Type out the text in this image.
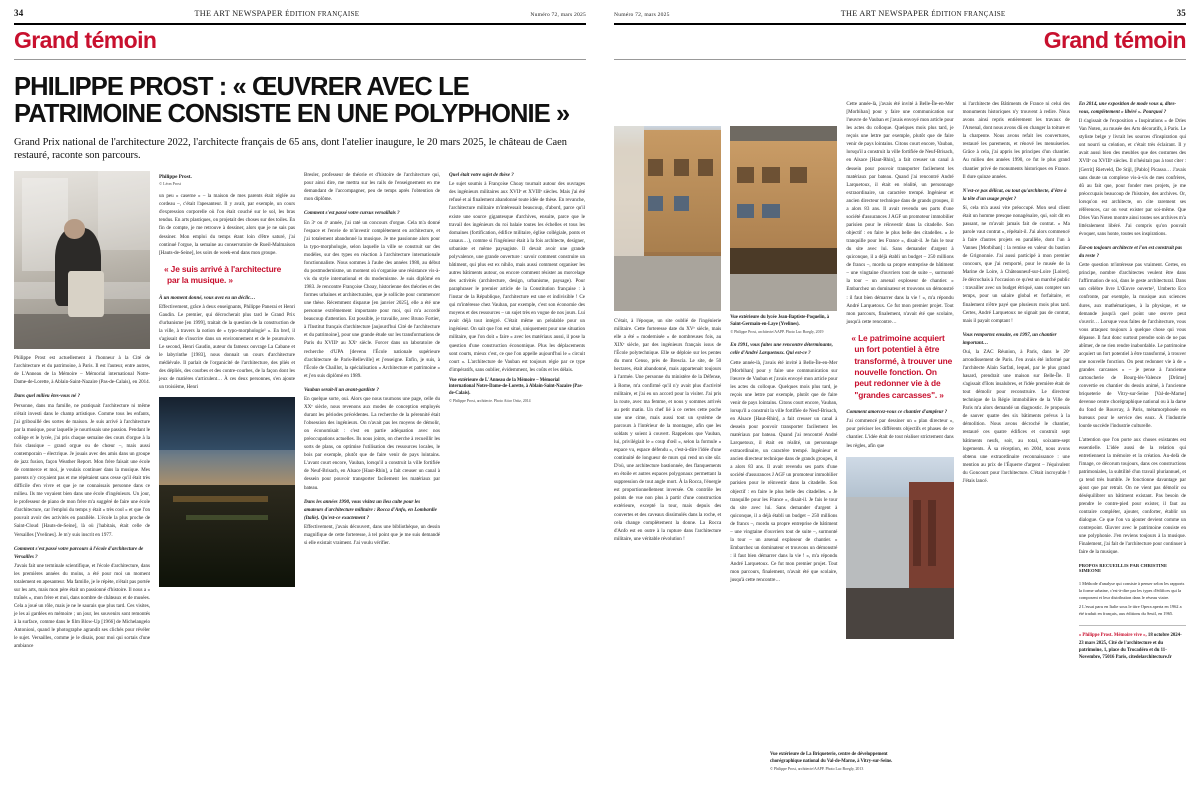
34	THE ART NEWSPAPER ÉDITION FRANÇAISE	Numéro 72, mars 2025
Grand témoin
PHILIPPE PROST : « ŒUVRER AVEC LE PATRIMOINE CONSISTE EN UNE POLYPHONIE »
Grand Prix national de l'architecture 2022, l'architecte français de 65 ans, dont l'atelier inaugure, le 20 mars 2025, le château de Caen restauré, raconte son parcours.

Philippe Prost est actuellement à l'honneur à la Cité de l'architecture et du patrimoine, à Paris. Il est l'auteur, entre autres, de L'Anneau de la Mémoire – Mémorial international Notre-Dame-de-Lorette, à Ablain-Saint-Nazaire (Pas-de-Calais), en 2014.

Dans quel milieu êtes-vous né ?

Personne, dans ma famille, ne pratiquait l'architecture ni même n'était investi dans le champ artistique. Comme tous les enfants, j'ai gribouillé des sortes de maison. Je suis arrivé à l'architecture par la musique, pour laquelle je nourrissais une passion. Pendant le collège et le lycée, j'ai pris chaque semaine des cours d'orgue à la fois classique – grand orgue ou de chœur –, mais aussi contemporain – électrique. Je jouais avec des amis dans un groupe de jazz fusion, façon Weather Report. Mon frère faisait une école de commerce et moi, je voulais continuer dans la musique. Mes parents n'y croyaient pas et me répétaient sans cesse qu'il était très difficile d'en vivre et que je ne connaissais personne dans ce milieu. Ils me voyaient bien dans une école d'ingénieurs. Un jour, le professeur de piano de mon frère m'a suggéré de faire une école d'architecture, car l'emploi du temps y était « très cool » et que l'on pouvait avoir des activités en parallèle. L'école la plus proche de Saint-Cloud [Hauts-de-Seine], là où j'habitais, était celle de Versailles [Yvelines]. Je m'y suis inscrit en 1977.

Comment s'est passé votre parcours à l'école d'architecture de Versailles ?

J'avais fait une terminale scientifique, et l'école d'architecture, dans les premières années du moins, a été pour moi un moment totalement en apesanteur. Ma famille, je le répète, n'était pas portée sur les arts, mais mon père était un passionné d'histoire. Il nous a « traînés », mon frère et moi, dans nombre de châteaux et de musées. Cela a joué un rôle, mais je ne le saurais que plus tard. Ces visites, je les ai gardées en mémoire ; un jour, les souvenirs sont remontés à la surface, comme dans le film Blow-Up [1966] de Michelangelo Antonioni, quand le photographe agrandit ses clichés pour révéler le sujet. Versailles, comme je le disais, pour moi qui sortais d'une ambiance

Philippe Prost.
© Léon Prost

un peu « caserne » – la maison de mes parents était réglée au cordeau –, c'était l'apesanteur. Il y avait, par exemple, un cours d'expression corporelle où l'on était couché sur le sol, les bras tendus. En arts plastiques, on projetait des choses sur des toiles. En fin de compte, je me retrouve à dessiner, alors que je ne sais pas dessiner. Mon emploi du temps étant loin d'être saturé, j'ai continué l'orgue, la semaine au conservatoire de Rueil-Malmaison [Hauts-de-Seine], les soirs de week-end dans mon groupe.

« Je suis arrivé à l'architecture par la musique. »
À un moment donné, vous avez eu un déclic…

Effectivement, grâce à deux enseignants, Philippe Panerai et Henri Gaudin. Le premier, qui décrocherait plus tard le Grand Prix d'urbanisme [en 1999], traitait de la question de la construction de la ville, à travers la notion de « typo-morphologie¹ ». En bref, il s'agissait de s'inscrire dans un environnement et de le poursuivre. Le second, Henri Gaudin, auteur du fameux ouvrage La Cabane et le labyrinthe [1983], nous donnait un cours d'architecture médiévale. Il parlait de l'organicité de l'architecture, des pliés et des dépliés, des courbes et des contre-courbes, de la façon dont les jeux de matières s'articulent… À ces deux personnes, s'en ajoute un troisième, Henri

Bresler, professeur de théorie et d'histoire de l'architecture qui, pour ainsi dire, me mettra sur les rails de l'enseignement en me demandant de l'accompagner, peu de temps après l'obtention de mon diplôme.

Comment s'est passé votre cursus versaillais ?

En 3ᵉ ou 4ᵉ année, j'ai raté un concours d'orgue. Cela m'a donné l'espace et l'envie de m'investir complètement en architecture, et j'ai totalement abandonné la musique. Je me passionne alors pour la typo-morphologie, selon laquelle la ville se construit sur des modèles, sur des types en réaction à l'architecture internationale fonctionnaliste. Nous sommes à l'aube des années 1980, au début du postmodernisme, un moment où s'organise une résistance vis-à-vis du style international et du modernisme. Je suis diplômé en 1983. Je rencontre Françoise Choay, historienne des théories et des formes urbaines et architecturales, que je sollicite pour commencer une thèse. Récemment disparue [en janvier 2025], elle a été une personne extrêmement importante pour moi, qui m'a accordé beaucoup d'attention. Est possible, je travaille, avec Bruno Fortier, à l'Institut français d'architecture [aujourd'hui Cité de l'architecture et du patrimoine], pour une grande étude sur les transformations de Paris du XVIIIᵉ au XXᵉ siècle. Forcer dans un laboratoire de recherche d'UPA [devenu l'École nationale supérieure d'architecture de Paris-Belleville] et j'enseigne. Enfin, je suis, à l'École de Chaillot, la spécialisation « Architecture et patrimoine » et j'en suis diplômé en 1989.

Vauban serait-il un avant-gardiste ?

En quelque sorte, oui. Alors que nous tournons une page, celle du XXᵉ siècle, nous revenons aux modes de conception employés durant les périodes précédentes. La recherche de la pérennité était l'obsession des ingénieurs. On n'avait pas les moyens de démolir, on économisait : c'est en partie adéquation avec nos préoccupations actuelles. Ils nous joints, on cherche à recueillir les sorts de plans, on optimise l'utilisation des ressources locales, le bois par exemple, plutôt que de faire venir de pays lointains. L'avant court encore, Vauban, lorsqu'il a construit la ville fortifiée de Neuf-Brisach, en Alsace [Haut-Rhin], a fait creuser un canal à dessein pour pouvoir transporter facilement les matériaux par bateau.

Dans les années 1990, vous visitez un lieu culte pour les amateurs d'architecture militaire : Rocca d'Anfo, en Lombardie (Italie). Qu'est-ce exactement ?

Effectivement, j'avais découvert, dans une bibliothèque, un dessin magnifique de cette forteresse, à tel point que je me suis demandé si elle existait vraiment. J'ai voulu vérifier.

Quel était votre sujet de thèse ?

Le sujet soumis à Françoise Choay tournait autour des ouvrages des ingénieurs militaires aux XVIIᵉ et XVIIIᵉ siècles. Mais j'ai été refusé et ai finalement abandonné toute idée de thèse. En revanche, l'architecture militaire m'intéressait beaucoup, d'abord, parce qu'il existe une source gigantesque d'archives, ensuite, parce que le travail des ingénieurs du roi balaie toutes les échelles et tous les domaines (fortification, édifice militaire, église collégiale, ponts et canaux…), comme si l'ingénieur était à la fois architecte, designer, urbaniste et même paysagiste. Il devait avoir une grande polyvalence, une grande ouverture : savoir comment construire un bâtiment, qui plus est ex nihilo, mais aussi comment organiser les autres bâtiments autour, ou encore comment résister au morcelage des activités (architecture, design, urbanisme, paysage). Pour paraphraser le premier article de la Constitution française : à l'instar de la République, l'architecture est une et indivisible ! Ce qui m'intéresse chez Vauban, par exemple, c'est son économie des moyens et des ressources – un sujet très en vogue de nos jours. Lui avait déjà tout intégré. C'était même un préalable pour un ingénieur. On sait que l'on est situé, uniquement pour une situation militaire, que l'on doit « faire » avec les matériaux aussi, il pose la question d'une construction économique. Plus les déplacements sont courts, mieux c'est, ce que l'on appelle aujourd'hui le « circuit court ». L'architecture de Vauban est toujours régie par ce type d'impératifs, sans oublier, évidemment, les coûts et les délais.

Vue extérieure de L'Anneau de la Mémoire – Mémorial international Notre-Dame-de-Lorette, à Ablain-Saint-Nazaire (Pas-de-Calais).
© Philippe Prost, architecte. Photo Aitor Ortiz, 2014
Numéro 72, mars 2025	THE ART NEWSPAPER ÉDITION FRANÇAISE	35
Grand témoin

C'était, à l'époque, un site oublié de l'ingénierie militaire. Cette forteresse date du XVᵉ siècle, mais elle a été « modernisée » de nombreuses fois, au XIXᵉ siècle, par des ingénieurs français issus de l'École polytechnique. Elle se déploie sur les pentes du mont Censo, près de Brescia. Le site, de 50 hectares, était abandonné, mais appartenait toujours à l'armée. Une personne du ministère de la Défense, à Rome, m'a confirmé qu'il n'y avait plus d'activité militaire, et j'ai eu un accord pour la visiter. J'ai pris la route, avec ma femme, et nous y sommes arrivés au petit matin. Un chef lié à ce certes cette poche une une cime, mais aussi tout un système de parcours à l'intérieur de la montagne, afin que les soldats y soient à couvert. Rappelons que Vauban, lui, privilégiait le « coup d'œil », selon la formule « espace vu, espace défendu », c'est-à-dire l'idée d'une continuité de longueur de murs qui rend un site sûr. D'où, une architecture bastionnée, des flanquements en étoile et autres espaces polygonaux permettant la suppression de tout angle mort. À la Rocca, l'énergie est proportionnellement inversée. On contrôle les points de vue non plus à partir d'une construction extérieure, excepté la tour, mais depuis des couvertes et des caveaux dissimulés dans la roche, et cela change complètement la donne. La Rocca d'Anfo est en outre à la rupture dans l'architecture militaire, une véritable révolution !

Vue extérieure du lycée Jean-Baptiste-Poquelin, à Saint-Germain-en-Laye (Yvelines).
© Philippe Prost, architecte/AAPP. Photo Luc Boegly, 2019
En 1991, vous faites une rencontre déterminante, celle d'André Larquetoux. Qui est-ce ?

Cette année-là, j'avais été invité à Belle-Île-en-Mer [Morbihan] pour y faire une communication sur l'œuvre de Vauban et j'avais envoyé mon article pour les actes du colloque. Quelques mois plus tard, je reçois une lettre par exemple, plutôt que de faire venir de pays lointains. Citons court encore, Vauban, lorsqu'il a construit la ville fortifiée de Neuf-Brisach, en Alsace [Haut-Rhin], a fait creuser un canal à dessein pour pouvoir transporter facilement les matériaux par bateau. Quand j'ai rencontré André Larquetoux, il était en réalité, un personnage extraordinaire, un caractère trempé. Ingénieur et ancien directeur technique dans de grands groupes, il a alors 83 ans. Il avait revendu ses parts d'une société d'assurances J AGF un promoteur immobilier parisien pour le réinvestir dans la citadelle. Son objectif : en faire le plus belle des citadelles. « Je tranquille pour les France », disait-il. Je fais le tour du site avec lui. Sans demander d'argent à quiconque, il a déjà établi un budget – 250 millions de francs –, mordu sa propre entreprise de bâtiment – une vingtaine d'ouvriers tout de suite –, surmonté la tour – un arsenal exploseur de chantier. « Embarchez un dominateur et trouvons un démonstré : il faut bien démarrer dans la vie ! », m'a répondu André Larquetoux. Ce fut mon premier projet. Tout mon parcours, finalement, n'avait été que scolaire, jusqu'à cette rencontre…

Cette année-là, j'avais été invité à Belle-Île-en-Mer [Morbihan] pour y faire une communication sur l'œuvre de Vauban et j'avais envoyé mon article pour les actes du colloque. Quelques mois plus tard, je reçois une lettre par exemple, plutôt que de faire venir de pays lointains. Citons court encore, Vauban, lorsqu'il a construit la ville fortifiée de Neuf-Brisach, en Alsace [Haut-Rhin], a fait creuser un canal à dessein pour pouvoir transporter facilement les matériaux par bateau. Quand j'ai rencontré André Larquetoux, il était en réalité, un personnage extraordinaire, un caractère trempé. Ingénieur et ancien directeur technique dans de grands groupes, il a alors 83 ans. Il avait revendu ses parts d'une société d'assurances J AGF un promoteur immobilier parisien pour le réinvestir dans la citadelle. Son objectif : en faire le plus belle des citadelles. « Je tranquille pour les France », disait-il. Je fais le tour du site avec lui. Sans demander d'argent à quiconque, il a déjà établi un budget – 250 millions de francs –, mordu sa propre entreprise de bâtiment – une vingtaine d'ouvriers tout de suite –, surmonté la tour – un arsenal exploseur de chantier. « Embarchez un dominateur et trouvons un démonstré : il faut bien démarrer dans la vie ! », m'a répondu André Larquetoux. Ce fut mon premier projet. Tout mon parcours, finalement, n'avait été que scolaire, jusqu'à cette rencontre…

« Le patrimoine acquiert un fort potentiel à être transformé, à trouver une nouvelle fonction. On peut redonner vie à de "grandes carcasses". »
Comment amorcez-vous ce chantier d'ampleur ?

J'ai commencé par dessiner un « plan directeur », pour préciser les différents objectifs et phases de ce chantier. L'idée était de tout réaliser strictement dans les règles, afin que

ni l'architecte des Bâtiments de France ni celui des monuments historiques n'y trouvent à redire. Nous avons ainsi repris entièrement les travaux de l'Arsenal, dont nous avons dû en changer la toiture et la charpente. Nous avons refait les couvertures, restauré les parements, et rénové les menuiseries. Grâce à cela, j'ai appris les principes d'un chantier. Au milieu des années 1990, ce fut le plus grand chantier privé de monuments historiques en France. Il dure quinze années.

N'est-ce pas délicat, ou tout qu'architecte, d'être à la tête d'un usage projet ?

Si, cela m'a aussi vite préoccupé. Mon seul client était un homme presque nonagénaire, qui, soit dit en passant, ne m'avait jamais fait de contrat. « Ma parole vaut contrat », répétait-il. J'ai alors commencé à faire d'autres projets en parallèle, dont l'un à Vannes [Morbihan] : la remise en valeur du bastion de Grignonnie. J'ai aussi participé à mon premier concours, que j'ai remporté, pour le musée de la Marine de Loire, à Châteauneuf-sur-Loire [Loiret]. Je décrochais à l'occasion ce qu'est un marché public : travailler avec un budget étriqué, sans compter son temps, pour un salaire global et forfaitaire, et finalement n'être payé que plusieurs mois plus tard. Certes, André Larquetoux ne signait pas de contrat, mais il payait comptant !

Vous remportez ensuite, en 1997, un chantier important…

Oui, la ZAC Réunion, à Paris, dans le 20ᵉ arrondissement de Paris. J'en avais été informé par l'architecte Alain Sarfati, lequel, par le plus grand hasard, prendrait une maison sur Belle-Île. Il s'agissait d'îlots insalubres, et l'idée première était de tout démolir pour reconstruire. Le directeur technique de la Régie immobilière de la Ville de Paris m'a alors demandé un diagnostic. Je proposais de sauver quatre des six bâtiments prévus à la démolition. Nous avons décroché le chantier, restauré ces quatre édifices et construit sept bâtiments neufs, soit, au total, soixante-sept logements. À sa réception, en 2004, nous avons obtenu une extraordinaire reconnaissance : une mention au prix de l'Équerre d'argent – l'équivalent du Goncourt pour l'architecture. C'était incroyable ! J'étais lancé.

En 2014, une exposition de mode vous a, dites-vous, complètement « libéré ». Pourquoi ?

Il s'agissait de l'exposition « Inspirations » de Dries Van Noten, au musée des Arts décoratifs, à Paris. Le styliste belge y livrait les sources d'inspiration qui ont nourri sa création, et c'était très éclairant. Il y avait aussi bien des meubles que des costumes des XVIIᵉ ou XVIIIᵉ siècles. Il n'hésitait pas à tout citer : [Gerrit] Rietveld, De Stijl, [Pablo] Picasso… J'avais sans doute un complexe vis-à-vis de mes confrères, dû au fait que, pour fonder mes projets, je me préoccupais beaucoup de l'histoire, des archives. Or, lorsqu'on est architecte, on cite rarement ses références, car on veut exister par soi-même. Que Dries Van Noten montre ainsi toutes ses archives m'a littéralement libéré. J'ai compris qu'on pouvait évoquer, sans honte, toutes ses inspirations.

Est-on toujours architecte et l'on est construit pas du reste ?

Cette question m'intéresse pas vraiment. Certes, en principe, nombre d'architectes veulent être dans l'affirmation de soi, dans le geste architectural. Dans son célèbre livre L'Œuvre ouverte², Umberto Eco confronte, par exemple, la musique aux sciences dures, aux mathématiques, à la physique, et se demande jusqu'à quel point une œuvre peut s'ouvrir… Lorsque vous faites de l'architecture, vous vous attaquez toujours à quelque chose qui vous dépasse. Il faut donc surtout prendre soin de ne pas abîmer, de ne rien rendre inabordable. Le patrimoine acquiert un fort potentiel à être transformé, à trouver une nouvelle fonction. On peut redonner vie à de « grandes carcasses » – je pense à l'ancienne cartoucherie de Bourg-lès-Valence [Drôme] convertie en chantier du dessin animé, à l'ancienne briqueterie de Vitry-sur-Seine [Val-de-Marne] devenue centre chorégraphique national ou à la darse du fond de Rouvray, à Paris, métamorphosée en bureaux pour le service des eaux. À l'industrie lourde succède l'industrie culturelle.

L'attention que l'on porte aux choses existantes est essentielle. L'idée aussi de la relation qui entretiennent la mémoire et la création. Au-delà de l'image, ce décorum toujours, dans ces constructions patrimoniales, la subtilité d'un travail pluriannuel, et ça tend très humble. Je fonctionne davantage par ajout que par retrait. On ne vient pas démolir ou déséquilibrer un bâtiment existant. Pas besoin de prendre le contre-pied pour exister, il faut au contraire compléter, ajouter, conforter, établir un dialogue. Ce que l'on va ajouter devient comme un contrepoint. Œuvrer avec le patrimoine consiste en une polyphonie. J'en reviens toujours à la musique. Finalement, j'ai fait de l'architecture pour continuer à faire de la musique.

PROPOS RECUEILLIS PAR CHRISTINE SIMEONE
1 Méthode d'analyse qui consiste à penser selon les rapports la forme urbaine, c'est-à-dire par les types d'édifices qui la composent et leur distribution dans le réseau viaire.
2 L'essai paru en Italie sous le titre Opera aperta en 1962 a été traduit en français, aux éditions du Seuil, en 1965.
« Philippe Prost. Mémoire vive », 18 octobre 2024-23 mars 2025, Cité de l'architecture et du patrimoine, 1, place du Trocadéro et du 11-Novembre, 75016 Paris, citedelarchitecture.fr
Vue extérieure de La Briqueterie, centre de développement chorégraphique national du Val-de-Marne, à Vitry-sur-Seine.
© Philippe Prost, architecte/AAPP. Photo Luc Boegly, 2013
